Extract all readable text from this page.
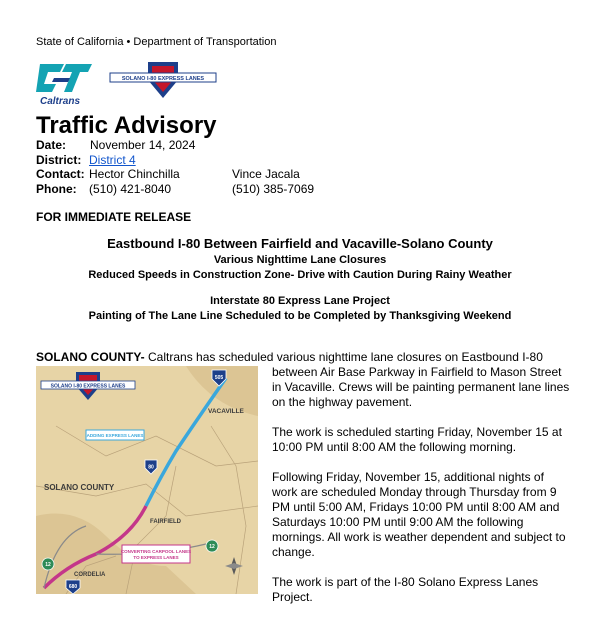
State of California • Department of Transportation
Caltrans
SOLANO I-80 EXPRESS LANES
Traffic Advisory
Date: November 14, 2024
District: District 4
Contact: Hector Chinchilla	Vince Jacala
Phone: (510) 421-8040	(510) 385-7069
FOR IMMEDIATE RELEASE
Eastbound I-80 Between Fairfield and Vacaville-Solano County
Various Nighttime Lane Closures
Reduced Speeds in Construction Zone- Drive with Caution During Rainy Weather
Interstate 80 Express Lane Project
Painting of The Lane Line Scheduled to be Completed by Thanksgiving Weekend
SOLANO COUNTY- Caltrans has scheduled various nighttime lane closures on Eastbound I-80
SOLANO I-80 EXPRESS LANES
505
80
680
12
12
ADDING EXPRESS LANES
CONVERTING CARPOOL LANES
TO EXPRESS LANES
VACAVILLE
SOLANO COUNTY
FAIRFIELD
CORDELIA

between Air Base Parkway in Fairfield to Mason Street in Vacaville. Crews will be painting permanent lane lines on the highway pavement.

The work is scheduled starting Friday, November 15 at 10:00 PM until 8:00 AM the following morning.

Following Friday, November 15, additional nights of work are scheduled Monday through Thursday from 9 PM until 5:00 AM, Fridays 10:00 PM until 8:00 AM and Saturdays 10:00 PM until 9:00 AM the following mornings. All work is weather dependent and subject to change.

The work is part of the I-80 Solano Express Lanes Project.
